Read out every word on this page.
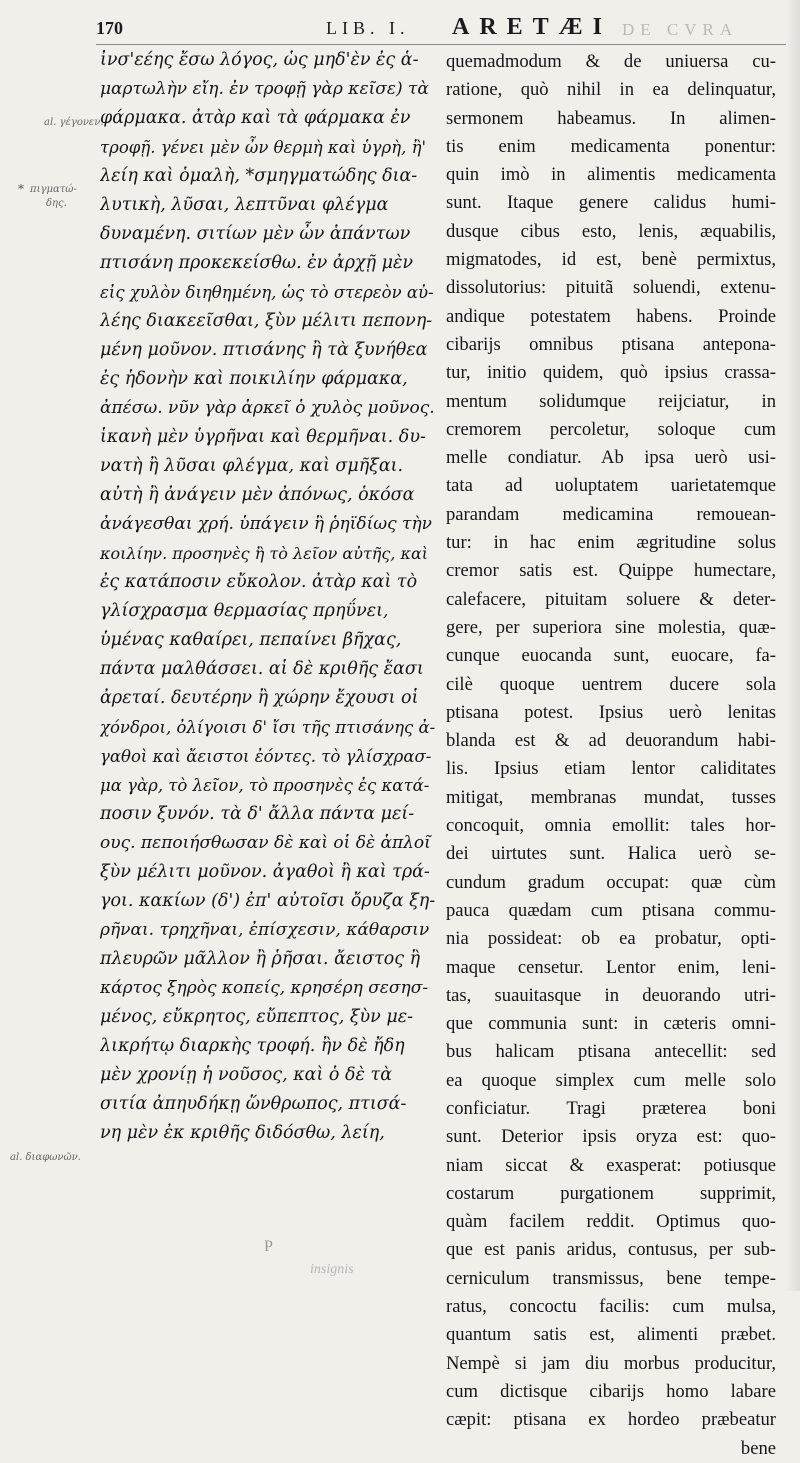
170	LIB. I. ARETÆI DE CVRA
al. γέγονεν.
* πιγματώ-
δης.
al. διαφωνῶν.
ἰνσ'εέης ἔσω λόγος, ὡς μηδ'ὲν ἐς ἁ-
μαρτωλὴν εἴη. ἐν τροφῇ γὰρ κεῖσε) τὰ
φάρμακα. ἀτὰρ καὶ τὰ φάρμακα ἐν
τροφῇ. γένει μὲν ὦν θερμὴ καὶ ὑγρὴ, ἢ'
λείη καὶ ὁμαλὴ, *σμηγματώδης δια-
λυτικὴ, λῦσαι, λεπτῦναι φλέγμα
δυναμένη. σιτίων μὲν ὦν ἁπάντων
πτισάνη προκεκείσθω. ἐν ἀρχῇ μὲν
εἰς χυλὸν διηθημένη, ὡς τὸ στερεὸν αὐ-
λέης διακεεῖσθαι, ξὺν μέλιτι πεπονη-
μένη μοῦνον. πτισάνης ἢ τὰ ξυνήθεα
ἐς ἡδονὴν καὶ ποικιλίην φάρμακα,
ἀπέσω. νῦν γὰρ ἀρκεῖ ὁ χυλὸς μοῦνος.
ἱκανὴ μὲν ὑγρῆναι καὶ θερμῆναι. δυ-
νατὴ ἢ λῦσαι φλέγμα, καὶ σμῆξαι.
αὐτὴ ἢ ἀνάγειν μὲν ἀπόνως, ὁκόσα
ἀνάγεσθαι χρή. ὑπάγειν ἢ ῥηϊδίως τὴν
κοιλίην. προσηνὲς ἢ τὸ λεῖον αὐτῆς, καὶ
ἐς κατάποσιν εὔκολον. ἀτὰρ καὶ τὸ
γλίσχρασμα θερμασίας πρηΰνει,
ὑμένας καθαίρει, πεπαίνει βῆχας,
πάντα μαλθάσσει. αἱ δὲ κριθῆς ἔασι
ἀρεταί. δευτέρην ἢ χώρην ἔχουσι οἱ
χόνδροι, ὀλίγοισι δ' ἴσι τῆς πτισάνης ἀ-
γαθοὶ καὶ ἄειστοι ἐόντες. τὸ γλίσχρασ-
μα γὰρ, τὸ λεῖον, τὸ προσηνὲς ἐς κατά-
ποσιν ξυνόν. τὰ δ' ἄλλα πάντα μεί-
ους. πεποιήσθωσαν δὲ καὶ οἱ δὲ ἁπλοῖ
ξὺν μέλιτι μοῦνον. ἀγαθοὶ ἢ καὶ τρά-
γοι. κακίων (δ') ἐπ' αὐτοῖσι ὄρυζα ξη-
ρῆναι. τρηχῆναι, ἐπίσχεσιν, κάθαρσιν
πλευρῶν μᾶλλον ἢ ῥῆσαι. ἄειστος ἢ
κάρτος ξηρὸς κοπείς, κρησέρη σεσησ-
μένος, εὔκρητος, εὔπεπτος, ξὺν με-
λικρήτῳ διαρκὴς τροφή. ἢν δὲ ἤδη
μὲν χρονίῃ ἡ νοῦσος, καὶ ὁ δὲ τὰ
σιτία ἀπηυδήκῃ ὥνθρωπος, πτισά-
νη μὲν ἐκ κριθῆς διδόσθω, λείη,
quemadmodum & de uniuersa cu-
ratione, quò nihil in ea delinquatur,
sermonem habeamus. In alimen-
tis enim medicamenta ponentur:
quin imò in alimentis medicamenta
sunt. Itaque genere calidus humi-
dusque cibus esto, lenis, æquabilis,
migmatodes, id est, benè permixtus,
dissolutorius: pituitã soluendi, extenu-
andique potestatem habens. Proinde
cibarijs omnibus ptisana anteponа-
tur, initio quidem, quò ipsius crassa-
mentum solidumque reijciatur, in
cremorem percoletur, soloque cum
melle condiatur. Ab ipsa uerò usi-
tata ad uoluptatem uarietatemque
parandam medicamina remoueаn-
tur: in hac enim ægritudine solus
cremor satis est. Quippe humectare,
calefacere, pituitam soluere & deter-
gere, per superiora sine molestia, quæ-
cunque euocanda sunt, euocare, fa-
cilè quoque uentrem ducere sola
ptisana potest. Ipsius uerò lenitas
blanda est & ad deuorandum habi-
lis. Ipsius etiam lentor caliditates
mitigat, membranas mundat, tusses
concoquit, omnia emollit: tales hor-
dei uirtutes sunt. Halica uerò se-
cundum gradum occupat: quæ cùm
pauca quædam cum ptisana commu-
nia possideat: ob ea probatur, opti-
maque censetur. Lentor enim, leni-
tas, suauitasque in deuorando utri-
que communia sunt: in cæteris omni-
bus halicam ptisana antecellit: sed
ea quoque simplex cum melle solo
conficiatur. Tragi præterea boni
sunt. Deterior ipsis oryza est: quo-
niam siccat & exasperat: potiusque
costarum purgationem supprimit,
quàm facilem reddit. Optimus quo-
que est panis aridus, contusus, per sub-
cerniculum transmissus, bene tempe-
ratus, concoctu facilis: cum mulsa,
quantum satis est, alimenti præbet.
Nempè si jam diu morbus producitur,
cum dictisque cibarijs homo labare
cæpit: ptisana ex hordeo præbeatur
bene
P
insignis
